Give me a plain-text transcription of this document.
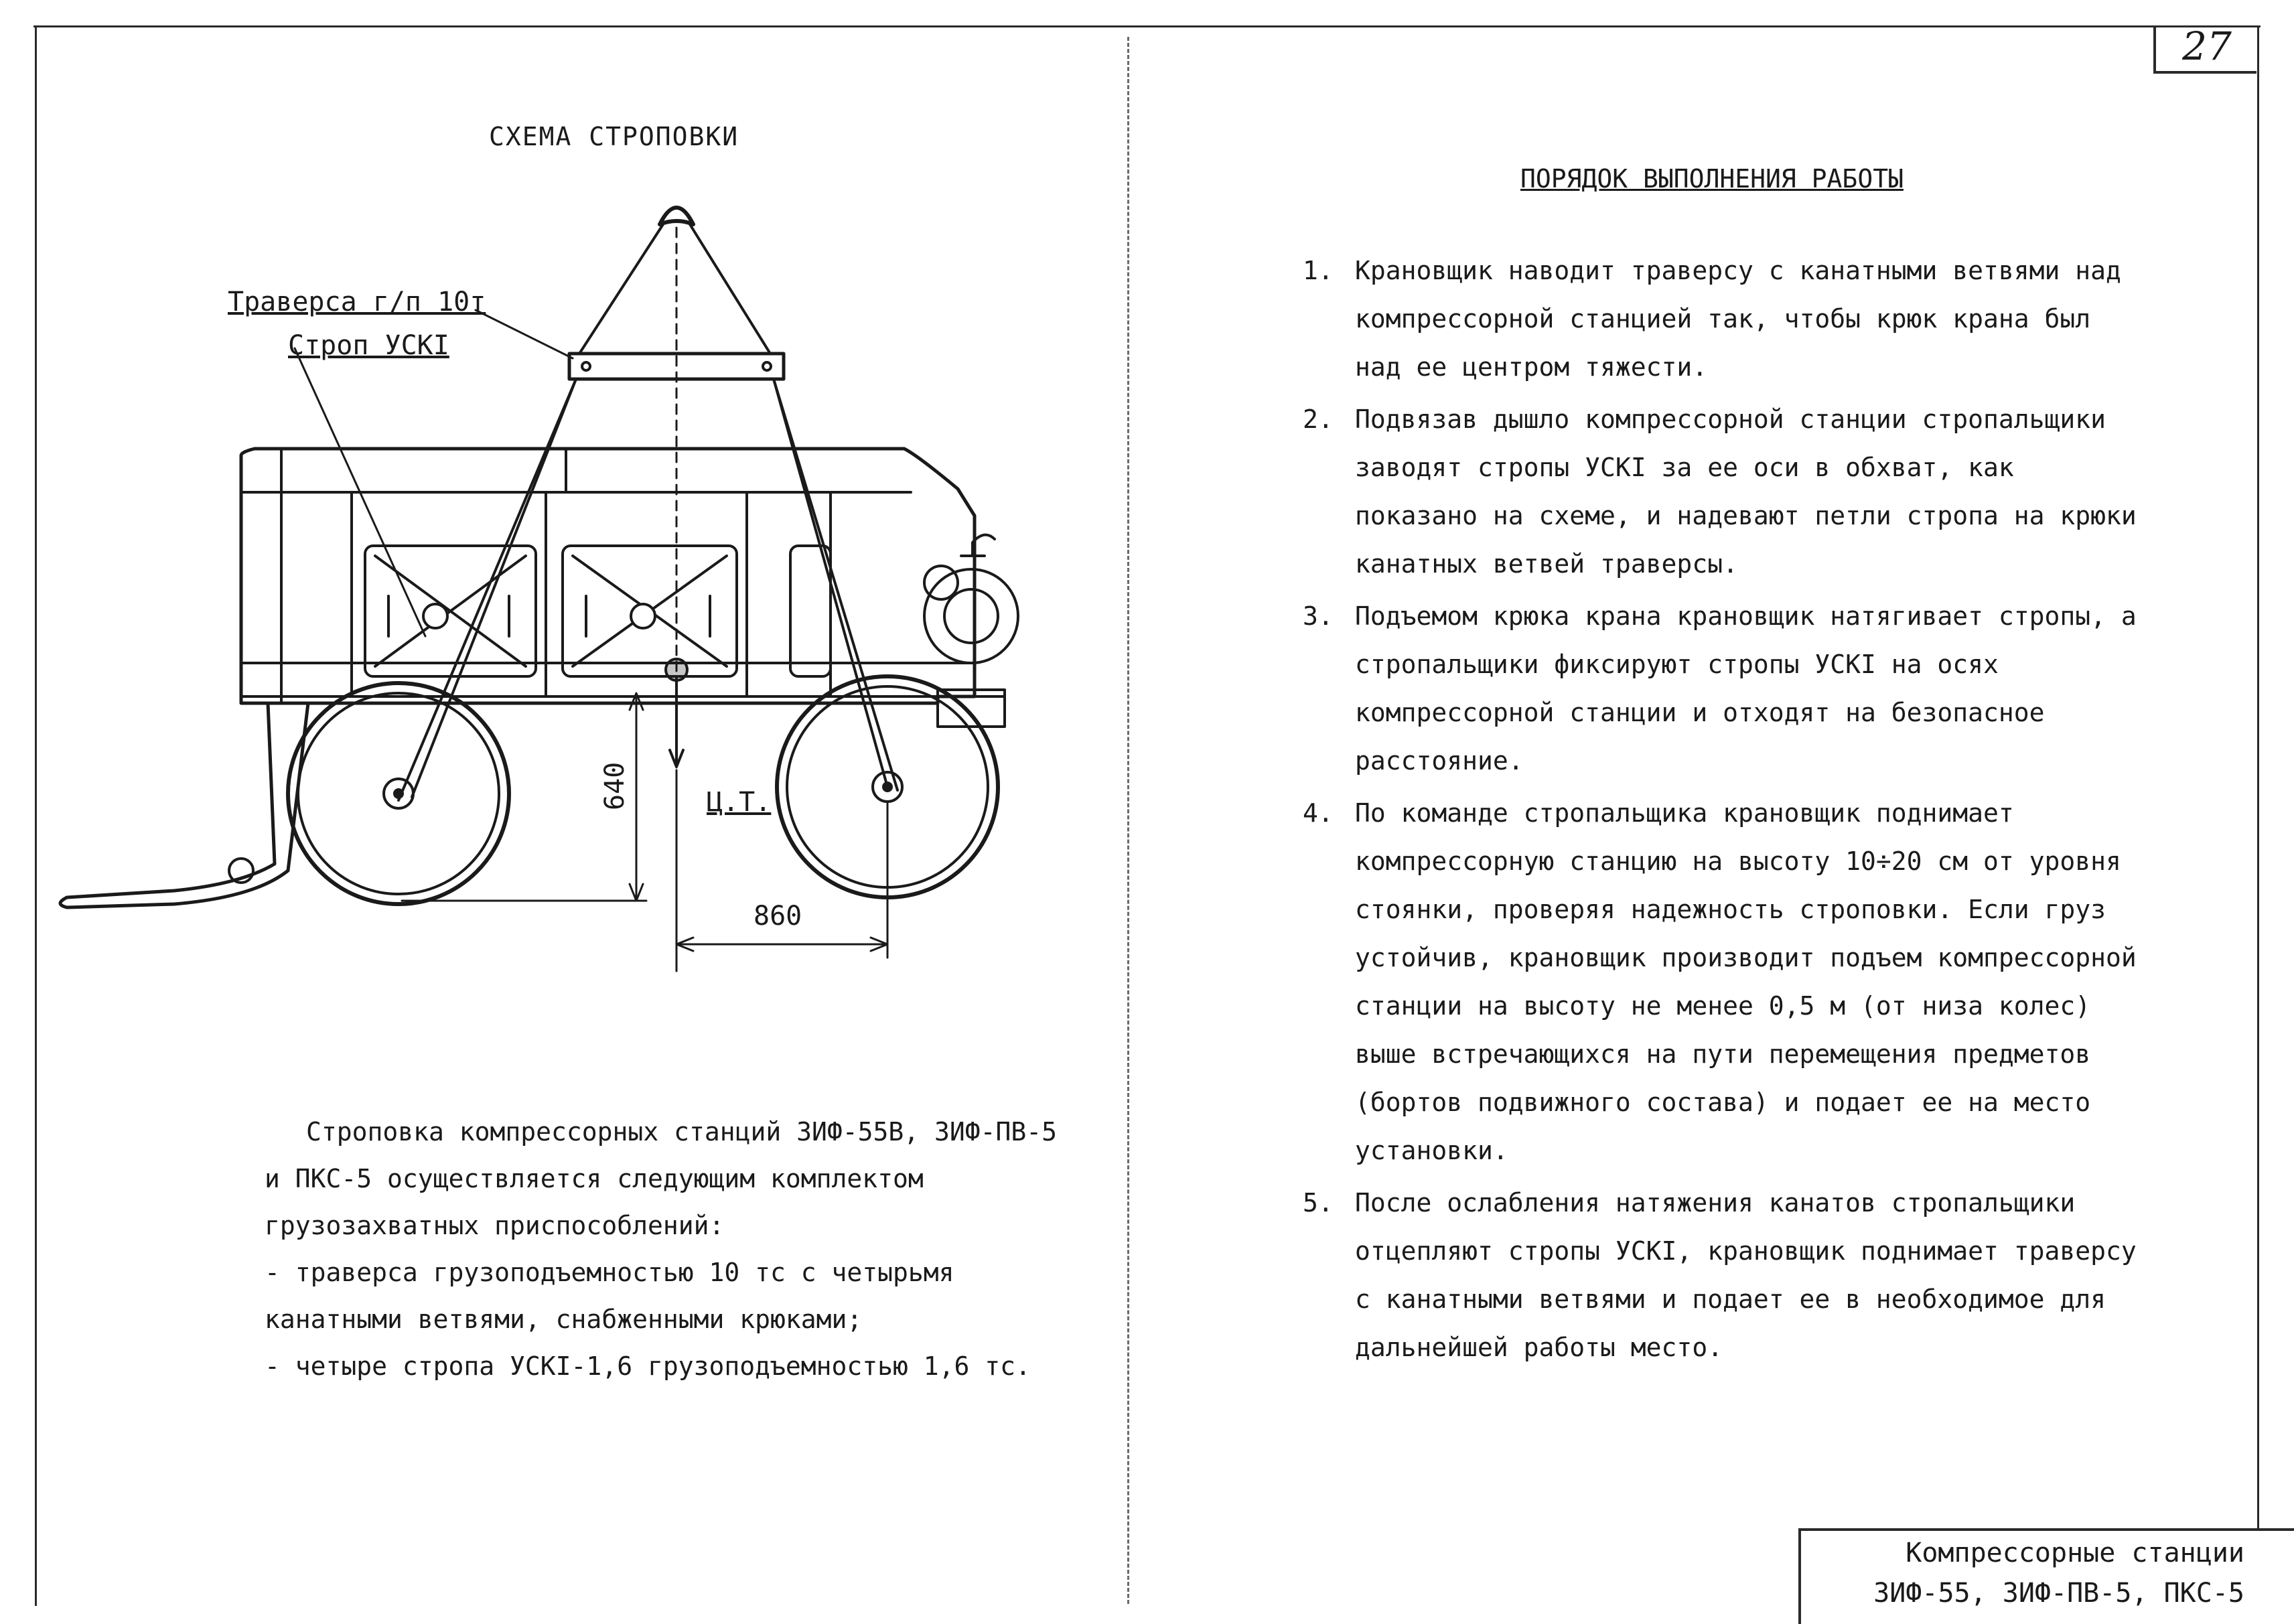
СХЕМА СТРОПОВКИ
Траверса г/п 10т
Строп УСКI
640	Ц.Т.
860

Строповка компрессорных станций ЗИФ-55В, ЗИФ-ПВ-5 и ПКС-5 осуществляется следующим комплектом грузозахватных приспособлений:

- траверса грузоподъемностью 10 тс с четырьмя канатными ветвями, снабженными крюками;

- четыре стропа УСКI-1,6 грузоподъемностью 1,6 тс.

27
ПОРЯДОК ВЫПОЛНЕНИЯ РАБОТЫ
1. Крановщик наводит траверсу с канатными ветвями над компрессорной станцией так, чтобы крюк крана был над ее центром тяжести.
2. Подвязав дышло компрессорной станции стропальщики заводят стропы УСКI за ее оси в обхват, как показано на схеме, и надевают петли стропа на крюки канатных ветвей траверсы.
3. Подъемом крюка крана крановщик натягивает стропы, а стропальщики фиксируют стропы УСКI на осях компрессорной станции и отходят на безопасное расстояние.
4. По команде стропальщика крановщик поднимает компрессорную станцию на высоту 10÷20 см от уровня стоянки, проверяя надежность строповки. Если груз устойчив, крановщик производит подъем компрессорной станции на высоту не менее 0,5 м (от низа колес) выше встречающихся на пути перемещения предметов (бортов подвижного состава) и подает ее на место установки.
5. После ослабления натяжения канатов стропальщики отцепляют стропы УСКI, крановщик поднимает траверсу с канатными ветвями и подает ее в необходимое для дальнейшей работы место.
Компрессорные станции
ЗИФ-55, ЗИФ-ПВ-5, ПКС-5
